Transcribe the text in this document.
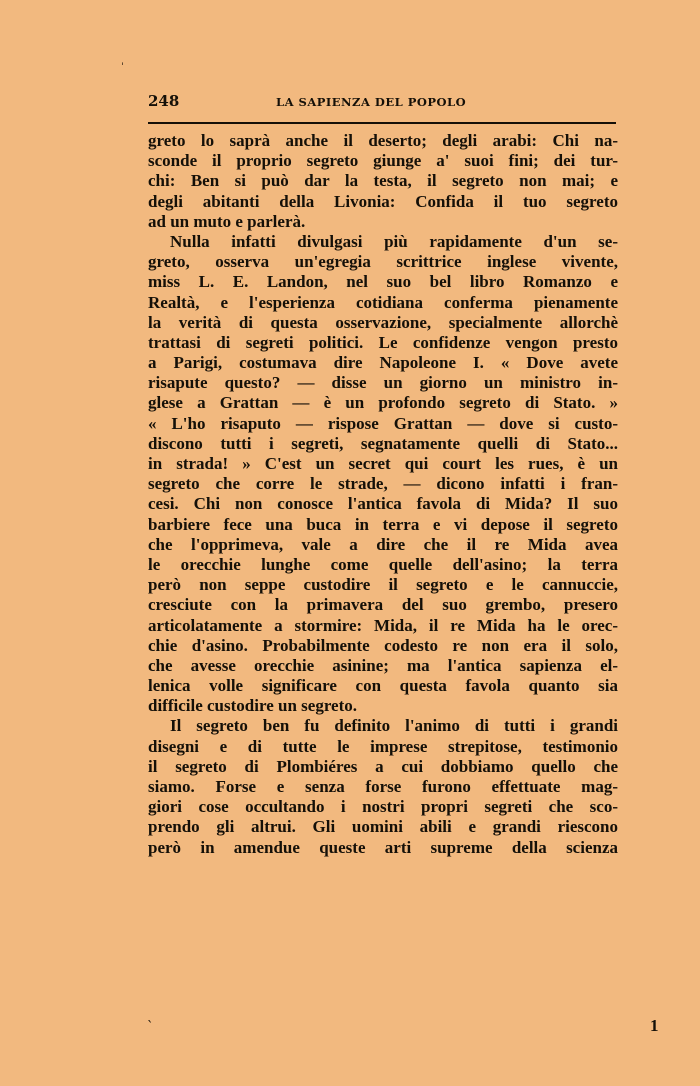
248	LA SAPIENZA DEL POPOLO
greto lo saprà anche il deserto; degli arabi: Chi na-
sconde il proprio segreto giunge a' suoi fini; dei tur-
chi: Ben si può dar la testa, il segreto non mai; e
degli abitanti della Livonia: Confida il tuo segreto
ad un muto e parlerà.
Nulla infatti divulgasi più rapidamente d'un se-
greto, osserva un'egregia scrittrice inglese vivente,
miss L. E. Landon, nel suo bel libro Romanzo e
Realtà, e l'esperienza cotidiana conferma pienamente
la verità di questa osservazione, specialmente allorchè
trattasi di segreti politici. Le confidenze vengon presto
a Parigi, costumava dire Napoleone I. « Dove avete
risapute questo? — disse un giorno un ministro in-
glese a Grattan — è un profondo segreto di Stato. »
« L'ho risaputo — rispose Grattan — dove si custo-
discono tutti i segreti, segnatamente quelli di Stato...
in strada! » C'est un secret qui court les rues, è un
segreto che corre le strade, — dicono infatti i fran-
cesi. Chi non conosce l'antica favola di Mida? Il suo
barbiere fece una buca in terra e vi depose il segreto
che l'opprimeva, vale a dire che il re Mida avea
le orecchie lunghe come quelle dell'asino; la terra
però non seppe custodire il segreto e le cannuccie,
cresciute con la primavera del suo grembo, presero
articolatamente a stormire: Mida, il re Mida ha le orec-
chie d'asino. Probabilmente codesto re non era il solo,
che avesse orecchie asinine; ma l'antica sapienza el-
lenica volle significare con questa favola quanto sia
difficile custodire un segreto.
Il segreto ben fu definito l'animo di tutti i grandi
disegni e di tutte le imprese strepitose, testimonio
il segreto di Plombiéres a cui dobbiamo quello che
siamo. Forse e senza forse furono effettuate mag-
giori cose occultando i nostri propri segreti che sco-
prendo gli altrui. Gli uomini abili e grandi riescono
però in amendue queste arti supreme della scienza
ˈ
`	1
